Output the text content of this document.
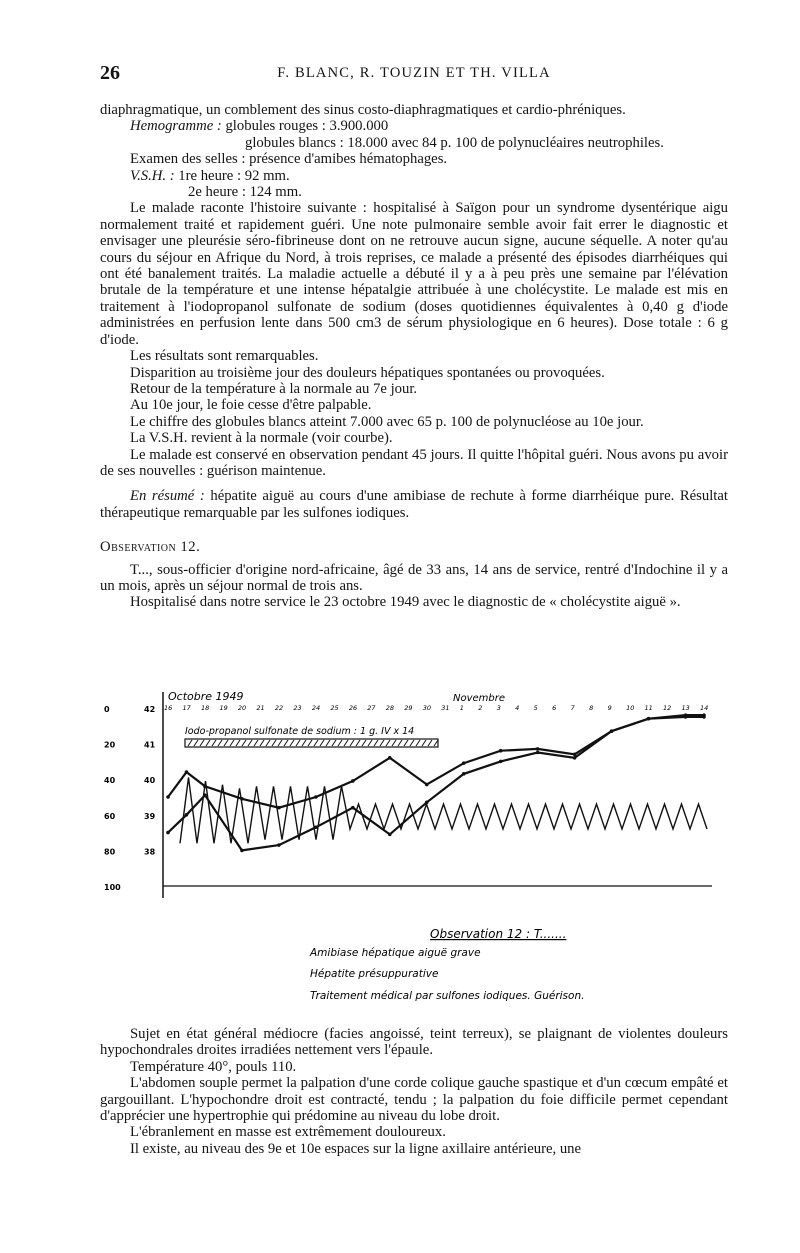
26	F. BLANC, R. TOUZIN ET TH. VILLA

diaphragmatique, un comblement des sinus costo-diaphragmatiques et cardio-phréniques.

Hemogramme : globules rouges : 3.900.000

globules blancs : 18.000 avec 84 p. 100 de polynucléaires neutrophiles.

Examen des selles : présence d'amibes hématophages.

V.S.H. : 1re heure : 92 mm.

2e heure : 124 mm.

Le malade raconte l'histoire suivante : hospitalisé à Saïgon pour un syndrome dysentérique aigu normalement traité et rapidement guéri. Une note pulmonaire semble avoir fait errer le diagnostic et envisager une pleurésie séro-fibrineuse dont on ne retrouve aucun signe, aucune séquelle. A noter qu'au cours du séjour en Afrique du Nord, à trois reprises, ce malade a présenté des épisodes diarrhéiques qui ont été banalement traités. La maladie actuelle a débuté il y a à peu près une semaine par l'élévation brutale de la température et une intense hépatalgie attribuée à une cholécystite. Le malade est mis en traitement à l'iodopropanol sulfonate de sodium (doses quotidiennes équivalentes à 0,40 g d'iode administrées en perfusion lente dans 500 cm3 de sérum physiologique en 6 heures). Dose totale : 6 g d'iode.

Les résultats sont remarquables.

Disparition au troisième jour des douleurs hépatiques spontanées ou provoquées.

Retour de la température à la normale au 7e jour.

Au 10e jour, le foie cesse d'être palpable.

Le chiffre des globules blancs atteint 7.000 avec 65 p. 100 de polynucléose au 10e jour.

La V.S.H. revient à la normale (voir courbe).

Le malade est conservé en observation pendant 45 jours. Il quitte l'hôpital guéri. Nous avons pu avoir de ses nouvelles : guérison maintenue.

En résumé : hépatite aiguë au cours d'une amibiase de rechute à forme diarrhéique pure. Résultat thérapeutique remarquable par les sulfones iodiques.

Observation 12.

T..., sous-officier d'origine nord-africaine, âgé de 33 ans, 14 ans de service, rentré d'Indochine il y a un mois, après un séjour normal de trois ans.

Hospitalisé dans notre service le 23 octobre 1949 avec le diagnostic de « cholécystite aiguë ».

0
20
40
60
80
100
42
41
40
39
38
Octobre 1949	Novembre
16 17 18 19 20 21 22 23 24 25 26 27 28 29 30 31 1 2 3 4 5 6 7 8 9 10 11 12 13 14
Iodo-propanol sulfonate de sodium : 1 g. IV x 14
Observation 12 : T.......
Amibiase hépatique aiguë grave
Hépatite présuppurative
Traitement médical par sulfones iodiques. Guérison.

Sujet en état général médiocre (facies angoissé, teint terreux), se plaignant de violentes douleurs hypochondrales droites irradiées nettement vers l'épaule.

Température 40°, pouls 110.

L'abdomen souple permet la palpation d'une corde colique gauche spastique et d'un cœcum empâté et gargouillant. L'hypochondre droit est contracté, tendu ; la palpation du foie difficile permet cependant d'apprécier une hypertrophie qui prédomine au niveau du lobe droit.

L'ébranlement en masse est extrêmement douloureux.

Il existe, au niveau des 9e et 10e espaces sur la ligne axillaire antérieure, une
